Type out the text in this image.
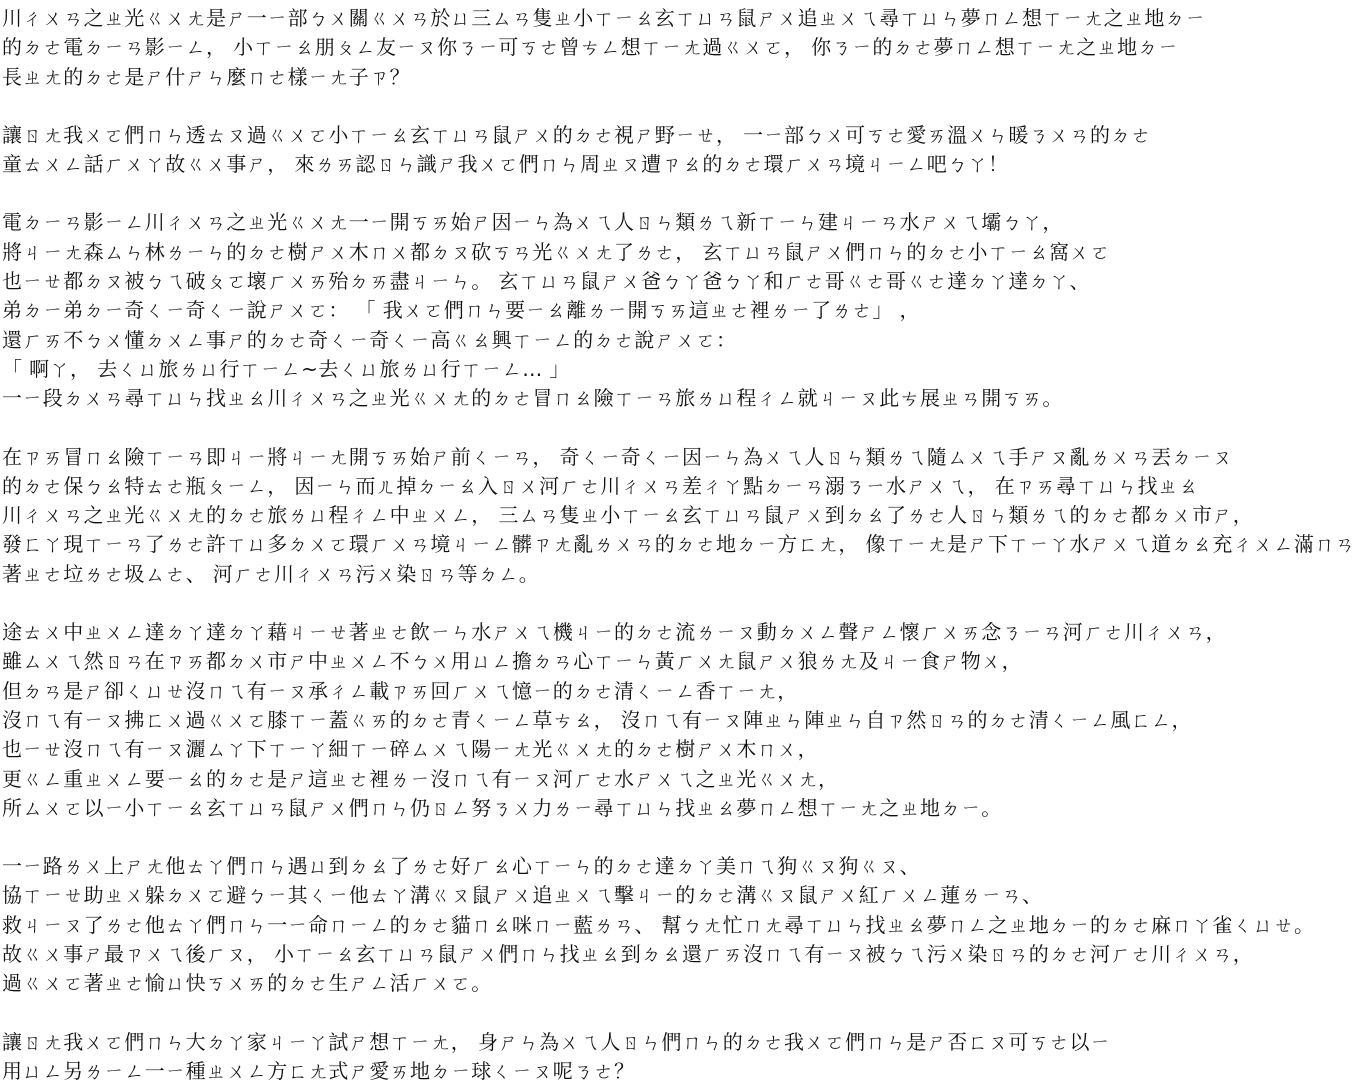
川ㄔㄨㄢ之ㄓ光ㄍㄨㄤ是ㄕ一ㄧ部ㄅㄨ關ㄍㄨㄢ於ㄩ三ㄙㄢ隻ㄓ小ㄒㄧㄠ玄ㄒㄩㄢ鼠ㄕㄨ追ㄓㄨㄟ尋ㄒㄩㄣ夢ㄇㄥ想ㄒㄧㄤ之ㄓ地ㄉㄧ
的ㄉㄜ電ㄉㄧㄢ影ㄧㄥ， 小ㄒㄧㄠ朋ㄆㄥ友ㄧㄡ你ㄋㄧ可ㄎㄜ曾ㄘㄥ想ㄒㄧㄤ過ㄍㄨㄛ， 你ㄋㄧ的ㄉㄜ夢ㄇㄥ想ㄒㄧㄤ之ㄓ地ㄉㄧ
長ㄓㄤ的ㄉㄜ是ㄕ什ㄕㄣ麼ㄇㄜ樣ㄧㄤ子ㄗ？
讓ㄖㄤ我ㄨㄛ們ㄇㄣ透ㄊㄡ過ㄍㄨㄛ小ㄒㄧㄠ玄ㄒㄩㄢ鼠ㄕㄨ的ㄉㄜ視ㄕ野ㄧㄝ， 一ㄧ部ㄅㄨ可ㄎㄜ愛ㄞ溫ㄨㄣ暖ㄋㄨㄢ的ㄉㄜ
童ㄊㄨㄥ話ㄏㄨㄚ故ㄍㄨ事ㄕ， 來ㄌㄞ認ㄖㄣ識ㄕ我ㄨㄛ們ㄇㄣ周ㄓㄡ遭ㄗㄠ的ㄉㄜ環ㄏㄨㄢ境ㄐㄧㄥ吧ㄅㄚ！
電ㄉㄧㄢ影ㄧㄥ川ㄔㄨㄢ之ㄓ光ㄍㄨㄤ一ㄧ開ㄎㄞ始ㄕ因ㄧㄣ為ㄨㄟ人ㄖㄣ類ㄌㄟ新ㄒㄧㄣ建ㄐㄧㄢ水ㄕㄨㄟ壩ㄅㄚ，
將ㄐㄧㄤ森ㄙㄣ林ㄌㄧㄣ的ㄉㄜ樹ㄕㄨ木ㄇㄨ都ㄉㄡ砍ㄎㄢ光ㄍㄨㄤ了ㄌㄜ， 玄ㄒㄩㄢ鼠ㄕㄨ們ㄇㄣ的ㄉㄜ小ㄒㄧㄠ窩ㄨㄛ
也ㄧㄝ都ㄉㄡ被ㄅㄟ破ㄆㄛ壞ㄏㄨㄞ殆ㄉㄞ盡ㄐㄧㄣ。 玄ㄒㄩㄢ鼠ㄕㄨ爸ㄅㄚ爸ㄅㄚ和ㄏㄜ哥ㄍㄜ哥ㄍㄜ達ㄉㄚ達ㄉㄚ、
弟ㄉㄧ弟ㄉㄧ奇ㄑㄧ奇ㄑㄧ說ㄕㄨㄛ： 「 我ㄨㄛ們ㄇㄣ要ㄧㄠ離ㄌㄧ開ㄎㄞ這ㄓㄜ裡ㄌㄧ了ㄌㄜ」 ，
還ㄏㄞ不ㄅㄨ懂ㄉㄨㄥ事ㄕ的ㄉㄜ奇ㄑㄧ奇ㄑㄧ高ㄍㄠ興ㄒㄧㄥ的ㄉㄜ說ㄕㄨㄛ：
「 啊ㄚ， 去ㄑㄩ旅ㄌㄩ行ㄒㄧㄥ~去ㄑㄩ旅ㄌㄩ行ㄒㄧㄥ… 」
一ㄧ段ㄉㄨㄢ尋ㄒㄩㄣ找ㄓㄠ川ㄔㄨㄢ之ㄓ光ㄍㄨㄤ的ㄉㄜ冒ㄇㄠ險ㄒㄧㄢ旅ㄌㄩ程ㄔㄥ就ㄐㄧㄡ此ㄘ展ㄓㄢ開ㄎㄞ。
在ㄗㄞ冒ㄇㄠ險ㄒㄧㄢ即ㄐㄧ將ㄐㄧㄤ開ㄎㄞ始ㄕ前ㄑㄧㄢ， 奇ㄑㄧ奇ㄑㄧ因ㄧㄣ為ㄨㄟ人ㄖㄣ類ㄌㄟ隨ㄙㄨㄟ手ㄕㄡ亂ㄌㄨㄢ丟ㄉㄧㄡ
的ㄉㄜ保ㄅㄠ特ㄊㄜ瓶ㄆㄧㄥ， 因ㄧㄣ而ㄦ掉ㄉㄧㄠ入ㄖㄨ河ㄏㄜ川ㄔㄨㄢ差ㄔㄚ點ㄉㄧㄢ溺ㄋㄧ水ㄕㄨㄟ， 在ㄗㄞ尋ㄒㄩㄣ找ㄓㄠ
川ㄔㄨㄢ之ㄓ光ㄍㄨㄤ的ㄉㄜ旅ㄌㄩ程ㄔㄥ中ㄓㄨㄥ， 三ㄙㄢ隻ㄓ小ㄒㄧㄠ玄ㄒㄩㄢ鼠ㄕㄨ到ㄉㄠ了ㄌㄜ人ㄖㄣ類ㄌㄟ的ㄉㄜ都ㄉㄨ市ㄕ，
發ㄈㄚ現ㄒㄧㄢ了ㄌㄜ許ㄒㄩ多ㄉㄨㄛ環ㄏㄨㄢ境ㄐㄧㄥ髒ㄗㄤ亂ㄌㄨㄢ的ㄉㄜ地ㄉㄧ方ㄈㄤ， 像ㄒㄧㄤ是ㄕ下ㄒㄧㄚ水ㄕㄨㄟ道ㄉㄠ充ㄔㄨㄥ滿ㄇㄢ
著ㄓㄜ垃ㄌㄜ圾ㄙㄜ、 河ㄏㄜ川ㄔㄨㄢ污ㄨ染ㄖㄢ等ㄉㄥ。
途ㄊㄨ中ㄓㄨㄥ達ㄉㄚ達ㄉㄚ藉ㄐㄧㄝ著ㄓㄜ飲ㄧㄣ水ㄕㄨㄟ機ㄐㄧ的ㄉㄜ流ㄌㄧㄡ動ㄉㄨㄥ聲ㄕㄥ懷ㄏㄨㄞ念ㄋㄧㄢ河ㄏㄜ川ㄔㄨㄢ，
雖ㄙㄨㄟ然ㄖㄢ在ㄗㄞ都ㄉㄨ市ㄕ中ㄓㄨㄥ不ㄅㄨ用ㄩㄥ擔ㄉㄢ心ㄒㄧㄣ黃ㄏㄨㄤ鼠ㄕㄨ狼ㄌㄤ及ㄐㄧ食ㄕ物ㄨ，
但ㄉㄢ是ㄕ卻ㄑㄩㄝ沒ㄇㄟ有ㄧㄡ承ㄔㄥ載ㄗㄞ回ㄏㄨㄟ憶ㄧ的ㄉㄜ清ㄑㄧㄥ香ㄒㄧㄤ，
沒ㄇㄟ有ㄧㄡ拂ㄈㄨ過ㄍㄨㄛ膝ㄒㄧ蓋ㄍㄞ的ㄉㄜ青ㄑㄧㄥ草ㄘㄠ， 沒ㄇㄟ有ㄧㄡ陣ㄓㄣ陣ㄓㄣ自ㄗ然ㄖㄢ的ㄉㄜ清ㄑㄧㄥ風ㄈㄥ，
也ㄧㄝ沒ㄇㄟ有ㄧㄡ灑ㄙㄚ下ㄒㄧㄚ細ㄒㄧ碎ㄙㄨㄟ陽ㄧㄤ光ㄍㄨㄤ的ㄉㄜ樹ㄕㄨ木ㄇㄨ，
更ㄍㄥ重ㄓㄨㄥ要ㄧㄠ的ㄉㄜ是ㄕ這ㄓㄜ裡ㄌㄧ沒ㄇㄟ有ㄧㄡ河ㄏㄜ水ㄕㄨㄟ之ㄓ光ㄍㄨㄤ，
所ㄙㄨㄛ以ㄧ小ㄒㄧㄠ玄ㄒㄩㄢ鼠ㄕㄨ們ㄇㄣ仍ㄖㄥ努ㄋㄨ力ㄌㄧ尋ㄒㄩㄣ找ㄓㄠ夢ㄇㄥ想ㄒㄧㄤ之ㄓ地ㄉㄧ。
一ㄧ路ㄌㄨ上ㄕㄤ他ㄊㄚ們ㄇㄣ遇ㄩ到ㄉㄠ了ㄌㄜ好ㄏㄠ心ㄒㄧㄣ的ㄉㄜ達ㄉㄚ美ㄇㄟ狗ㄍㄡ狗ㄍㄡ、
協ㄒㄧㄝ助ㄓㄨ躲ㄉㄨㄛ避ㄅㄧ其ㄑㄧ他ㄊㄚ溝ㄍㄡ鼠ㄕㄨ追ㄓㄨㄟ擊ㄐㄧ的ㄉㄜ溝ㄍㄡ鼠ㄕㄨ紅ㄏㄨㄥ蓮ㄌㄧㄢ、
救ㄐㄧㄡ了ㄌㄜ他ㄊㄚ們ㄇㄣ一ㄧ命ㄇㄧㄥ的ㄉㄜ貓ㄇㄠ咪ㄇㄧ藍ㄌㄢ、 幫ㄅㄤ忙ㄇㄤ尋ㄒㄩㄣ找ㄓㄠ夢ㄇㄥ之ㄓ地ㄉㄧ的ㄉㄜ麻ㄇㄚ雀ㄑㄩㄝ。
故ㄍㄨ事ㄕ最ㄗㄨㄟ後ㄏㄡ， 小ㄒㄧㄠ玄ㄒㄩㄢ鼠ㄕㄨ們ㄇㄣ找ㄓㄠ到ㄉㄠ還ㄏㄞ沒ㄇㄟ有ㄧㄡ被ㄅㄟ污ㄨ染ㄖㄢ的ㄉㄜ河ㄏㄜ川ㄔㄨㄢ，
過ㄍㄨㄛ著ㄓㄜ愉ㄩ快ㄎㄨㄞ的ㄉㄜ生ㄕㄥ活ㄏㄨㄛ。
讓ㄖㄤ我ㄨㄛ們ㄇㄣ大ㄉㄚ家ㄐㄧㄚ試ㄕ想ㄒㄧㄤ， 身ㄕㄣ為ㄨㄟ人ㄖㄣ們ㄇㄣ的ㄉㄜ我ㄨㄛ們ㄇㄣ是ㄕ否ㄈㄡ可ㄎㄜ以ㄧ
用ㄩㄥ另ㄌㄧㄥ一ㄧ種ㄓㄨㄥ方ㄈㄤ式ㄕ愛ㄞ地ㄉㄧ球ㄑㄧㄡ呢ㄋㄜ？
